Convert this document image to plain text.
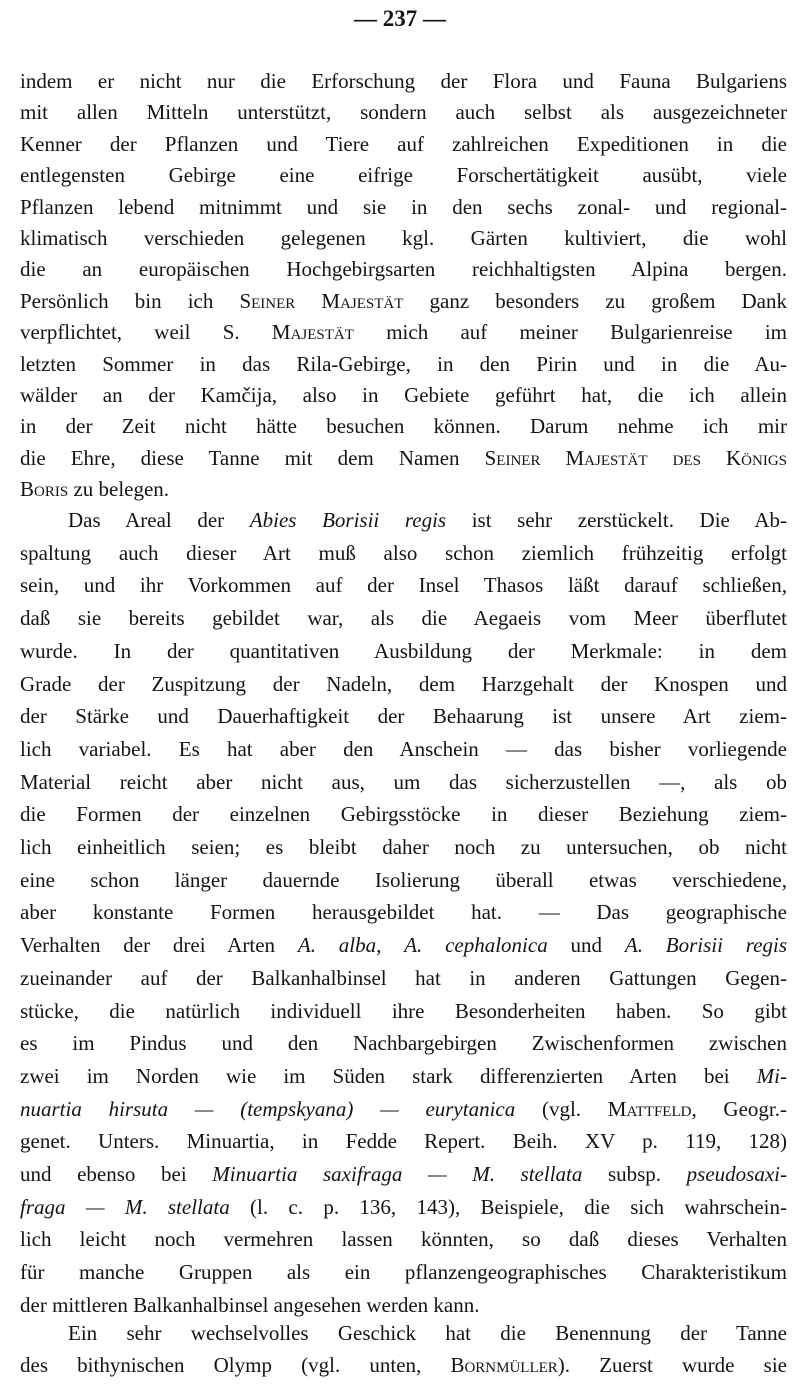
— 237 —
indem er nicht nur die Erforschung der Flora und Fauna Bulgariens
mit allen Mitteln unterstützt, sondern auch selbst als ausgezeichneter
Kenner der Pflanzen und Tiere auf zahlreichen Expeditionen in die
entlegensten Gebirge eine eifrige Forschertätigkeit ausübt, viele
Pflanzen lebend mitnimmt und sie in den sechs zonal- und regional-
klimatisch verschieden gelegenen kgl. Gärten kultiviert, die wohl
die an europäischen Hochgebirgsarten reichhaltigsten Alpina bergen.
Persönlich bin ich Seiner Majestät ganz besonders zu großem Dank
verpflichtet, weil S. Majestät mich auf meiner Bulgarienreise im
letzten Sommer in das Rila-Gebirge, in den Pirin und in die Au-
wälder an der Kamčija, also in Gebiete geführt hat, die ich allein
in der Zeit nicht hätte besuchen können. Darum nehme ich mir
die Ehre, diese Tanne mit dem Namen Seiner Majestät des Königs
Boris zu belegen.
Das Areal der Abies Borisii regis ist sehr zerstückelt. Die Ab-
spaltung auch dieser Art muß also schon ziemlich frühzeitig erfolgt
sein, und ihr Vorkommen auf der Insel Thasos läßt darauf schließen,
daß sie bereits gebildet war, als die Aegaeis vom Meer überflutet
wurde. In der quantitativen Ausbildung der Merkmale: in dem
Grade der Zuspitzung der Nadeln, dem Harzgehalt der Knospen und
der Stärke und Dauerhaftigkeit der Behaarung ist unsere Art ziem-
lich variabel. Es hat aber den Anschein — das bisher vorliegende
Material reicht aber nicht aus, um das sicherzustellen —, als ob
die Formen der einzelnen Gebirgsstöcke in dieser Beziehung ziem-
lich einheitlich seien; es bleibt daher noch zu untersuchen, ob nicht
eine schon länger dauernde Isolierung überall etwas verschiedene,
aber konstante Formen herausgebildet hat. — Das geographische
Verhalten der drei Arten A. alba, A. cephalonica und A. Borisii regis
zueinander auf der Balkanhalbinsel hat in anderen Gattungen Gegen-
stücke, die natürlich individuell ihre Besonderheiten haben. So gibt
es im Pindus und den Nachbargebirgen Zwischenformen zwischen
zwei im Norden wie im Süden stark differenzierten Arten bei Mi-
nuartia hirsuta — (tempskyana) — eurytanica (vgl. Mattfeld, Geogr.-
genet. Unters. Minuartia, in Fedde Repert. Beih. XV p. 119, 128)
und ebenso bei Minuartia saxifraga — M. stellata subsp. pseudosaxi-
fraga — M. stellata (l. c. p. 136, 143), Beispiele, die sich wahrschein-
lich leicht noch vermehren lassen könnten, so daß dieses Verhalten
für manche Gruppen als ein pflanzengeographisches Charakteristikum
der mittleren Balkanhalbinsel angesehen werden kann.
Ein sehr wechselvolles Geschick hat die Benennung der Tanne
des bithynischen Olymp (vgl. unten, Bornmüller). Zuerst wurde sie
